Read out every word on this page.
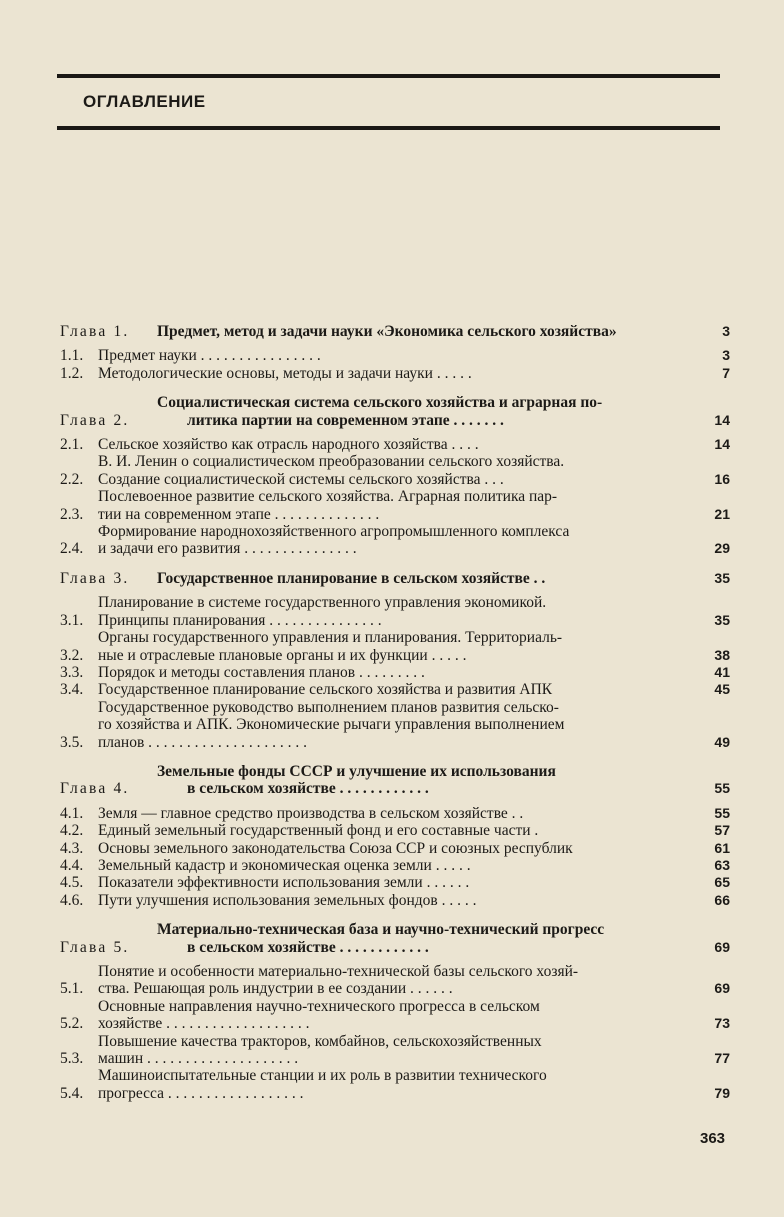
ОГЛАВЛЕНИЕ
Глава 1.	Предмет, метод и задачи науки «Экономика сельского хозяйства»	3
1.1. Предмет науки . . . . . . . . . . . . . . . .	3
1.2. Методологические основы, методы и задачи науки . . . . .	7
Глава 2.
Социалистическая система сельского хозяйства и аграрная по-
литика партии на современном этапе . . . . . . .	14
2.1. Сельское хозяйство как отрасль народного хозяйства . . . .	14
2.2.
В. И. Ленин о социалистическом преобразовании сельского хозяйства.
Создание социалистической системы сельского хозяйства . . .	16
2.3.
Послевоенное развитие сельского хозяйства. Аграрная политика пар-
тии на современном этапе . . . . . . . . . . . . . .	21
2.4.
Формирование народнохозяйственного агропромышленного комплекса
и задачи его развития . . . . . . . . . . . . . . .	29
Глава 3.	Государственное планирование в сельском хозяйстве . .	35
3.1.
Планирование в системе государственного управления экономикой.
Принципы планирования . . . . . . . . . . . . . . .	35
3.2.
Органы государственного управления и планирования. Территориаль-
ные и отраслевые плановые органы и их функции . . . . .	38
3.3. Порядок и методы составления планов . . . . . . . . .	41
3.4. Государственное планирование сельского хозяйства и развития АПК	45
3.5.
Государственное руководство выполнением планов развития сельско-
го хозяйства и АПК. Экономические рычаги управления выполнением
планов . . . . . . . . . . . . . . . . . . . . .	49
Глава 4.
Земельные фонды СССР и улучшение их использования
в сельском хозяйстве . . . . . . . . . . . .	55
4.1. Земля — главное средство производства в сельском хозяйстве . .	55
4.2. Единый земельный государственный фонд и его составные части .	57
4.3. Основы земельного законодательства Союза ССР и союзных республик	61
4.4. Земельный кадастр и экономическая оценка земли . . . . .	63
4.5. Показатели эффективности использования земли . . . . . .	65
4.6. Пути улучшения использования земельных фондов . . . . .	66
Глава 5.
Материально-техническая база и научно-технический прогресс
в сельском хозяйстве . . . . . . . . . . . .	69
5.1.
Понятие и особенности материально-технической базы сельского хозяй-
ства. Решающая роль индустрии в ее создании . . . . . .	69
5.2.
Основные направления научно-технического прогресса в сельском
хозяйстве . . . . . . . . . . . . . . . . . . .	73
5.3.
Повышение качества тракторов, комбайнов, сельскохозяйственных
машин . . . . . . . . . . . . . . . . . . . .	77
5.4.
Машиноиспытательные станции и их роль в развитии технического
прогресса . . . . . . . . . . . . . . . . . .	79
363
